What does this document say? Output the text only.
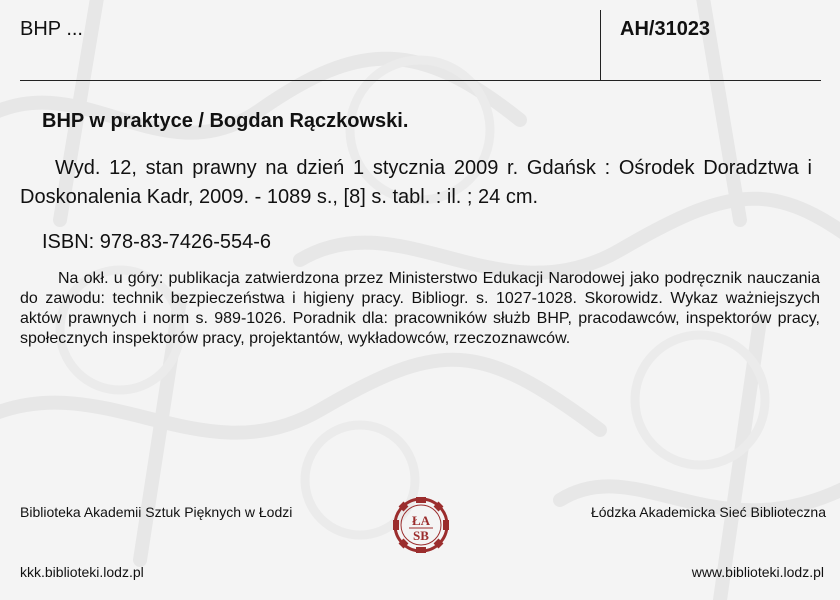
BHP ...	AH/31023
BHP w praktyce / Bogdan Rączkowski.
Wyd. 12, stan prawny na dzień 1 stycznia 2009 r. Gdańsk : Ośrodek Doradztwa i Doskonalenia Kadr, 2009. - 1089 s., [8] s. tabl. : il. ; 24 cm.
ISBN: 978-83-7426-554-6
Na okł. u góry: publikacja zatwierdzona przez Ministerstwo Edukacji Narodowej jako podręcznik nauczania do zawodu: technik bezpieczeństwa i higieny pracy. Bibliogr. s. 1027-1028. Skorowidz. Wykaz ważniejszych aktów prawnych i norm s. 989-1026. Poradnik dla: pracowników służb BHP, pracodawców, inspektorów pracy, społecznych inspektorów pracy, projektantów, wykładowców, rzeczoznawców.
Biblioteka Akademii Sztuk Pięknych w Łodzi	Łódzka Akademicka Sieć Biblioteczna
ŁA
SB
kkk.biblioteki.lodz.pl	www.biblioteki.lodz.pl
